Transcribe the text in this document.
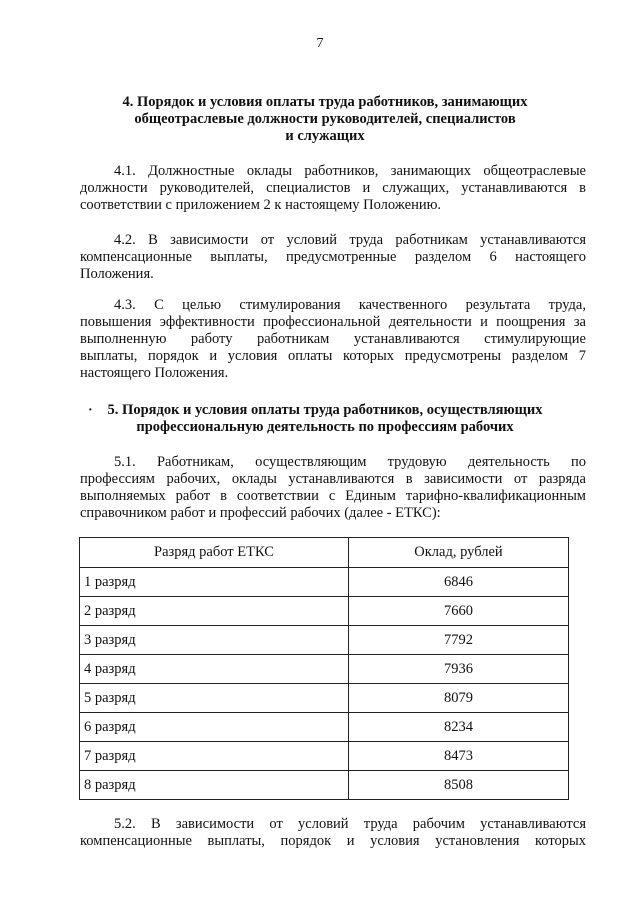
7
4. Порядок и условия оплаты труда работников, занимающих
общеотраслевые должности руководителей, специалистов
и служащих

4.1. Должностные оклады работников, занимающих общеотраслевые
должности руководителей, специалистов и служащих, устанавливаются в
соответствии с приложением 2 к настоящему Положению.

4.2. В зависимости от условий труда работникам устанавливаются
компенсационные выплаты, предусмотренные разделом 6 настоящего
Положения.

4.3. С целью стимулирования качественного результата труда,
повышения эффективности профессиональной деятельности и поощрения за
выполненную работу работникам устанавливаются стимулирующие
выплаты, порядок и условия оплаты которых предусмотрены разделом 7
настоящего Положения.

·	5. Порядок и условия оплаты труда работников, осуществляющих
профессиональную деятельность по профессиям рабочих

5.1. Работникам, осуществляющим трудовую деятельность по
профессиям рабочих, оклады устанавливаются в зависимости от разряда
выполняемых работ в соответствии с Единым тарифно-квалификационным
справочником работ и профессий рабочих (далее - ЕТКС):

Разряд работ ЕТКС	Оклад, рублей
1 разряд	6846
2 разряд	7660
3 разряд	7792
4 разряд	7936
5 разряд	8079
6 разряд	8234
7 разряд	8473
8 разряд	8508

5.2. В зависимости от условий труда рабочим устанавливаются
компенсационные выплаты, порядок и условия установления которых
